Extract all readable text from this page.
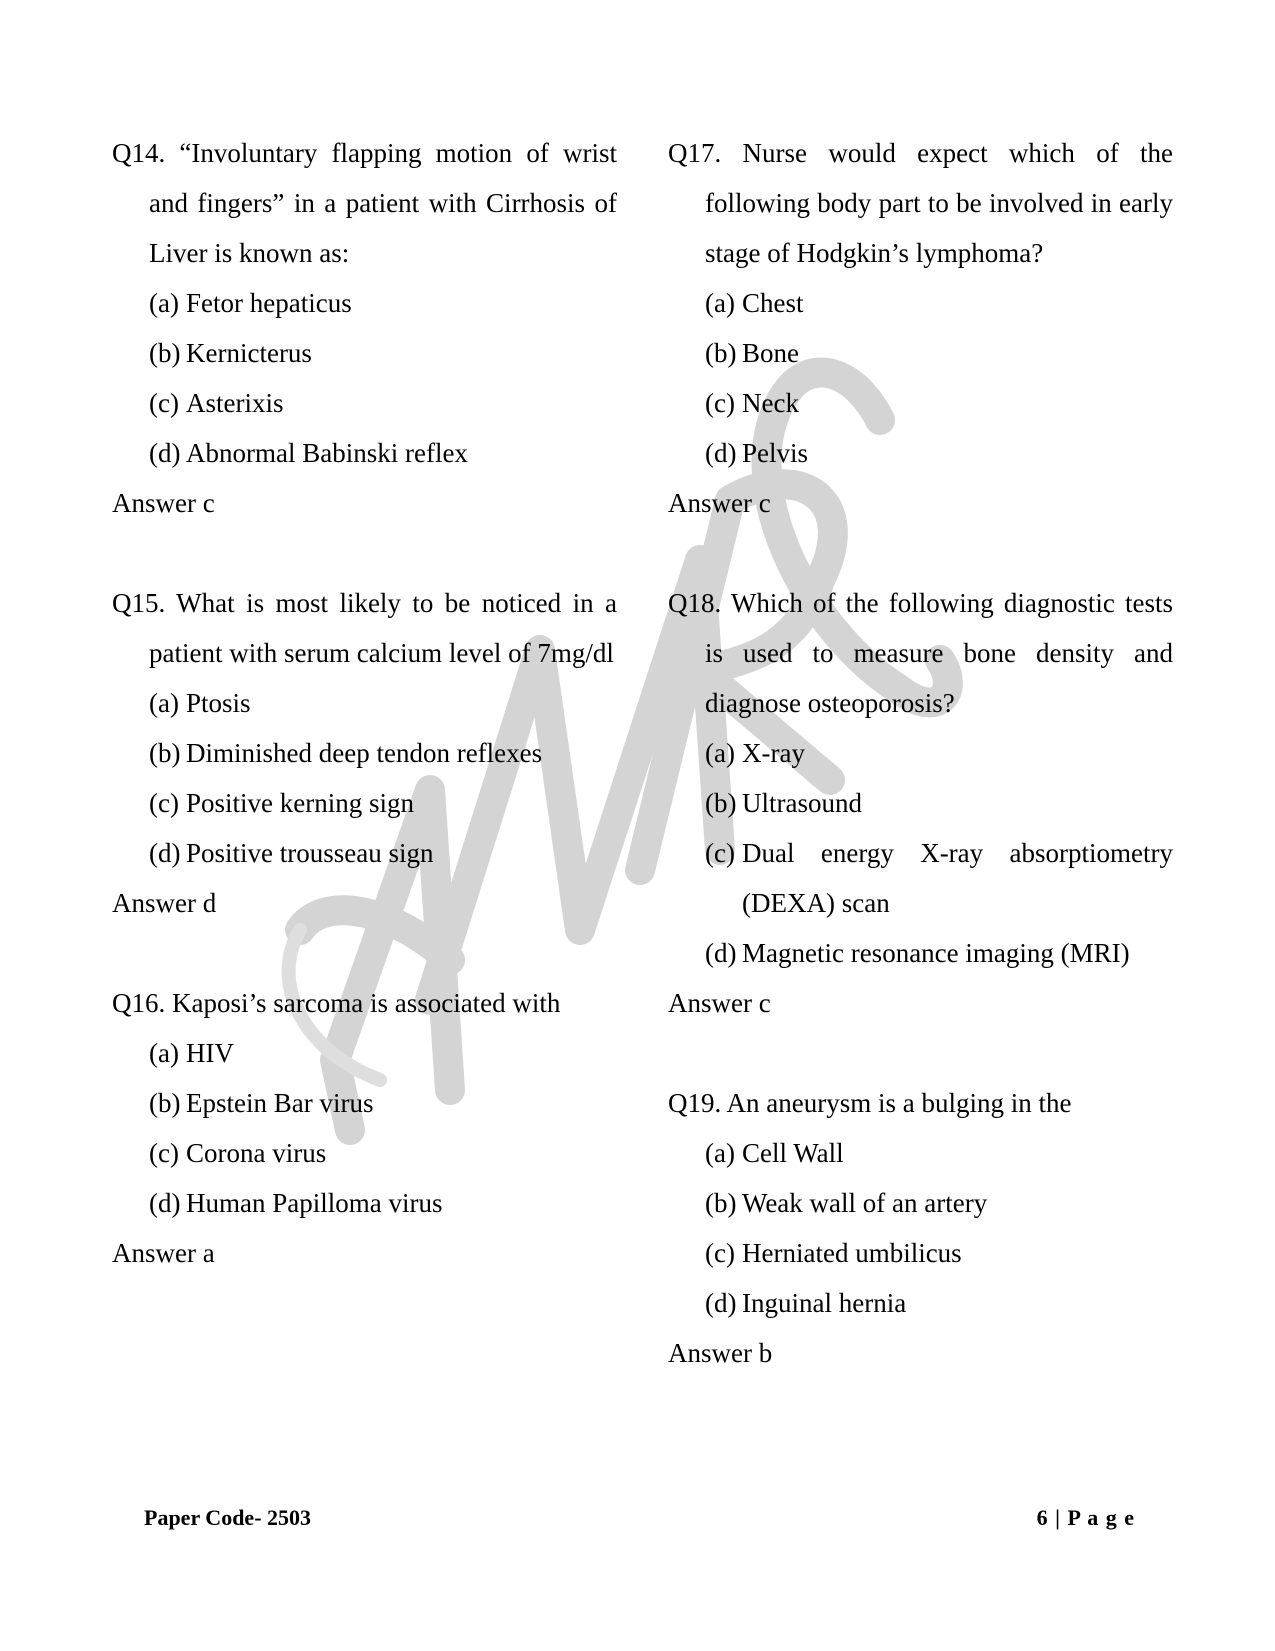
Q14. “Involuntary flapping motion of wrist and fingers” in a patient with Cirrhosis of Liver is known as:

(a) Fetor hepaticus

(b) Kernicterus

(c) Asterixis

(d) Abnormal Babinski reflex

Answer c

Q15. What is most likely to be noticed in a patient with serum calcium level of 7mg/dl

(a) Ptosis

(b) Diminished deep tendon reflexes

(c) Positive kerning sign

(d) Positive trousseau sign

Answer d

Q16. Kaposi’s sarcoma is associated with

(a) HIV

(b) Epstein Bar virus

(c) Corona virus

(d) Human Papilloma virus

Answer a

Q17. Nurse would expect which of the following body part to be involved in early stage of Hodgkin’s lymphoma?

(a) Chest

(b) Bone

(c) Neck

(d) Pelvis

Answer c

Q18. Which of the following diagnostic tests is used to measure bone density and diagnose osteoporosis?

(a) X-ray

(b) Ultrasound

(c) Dual energy X-ray absorptiometry (DEXA) scan

(d) Magnetic resonance imaging (MRI)

Answer c

Q19. An aneurysm is a bulging in the

(a) Cell Wall

(b) Weak wall of an artery

(c) Herniated umbilicus

(d) Inguinal hernia

Answer b

Paper Code- 2503	6 | P a g e
